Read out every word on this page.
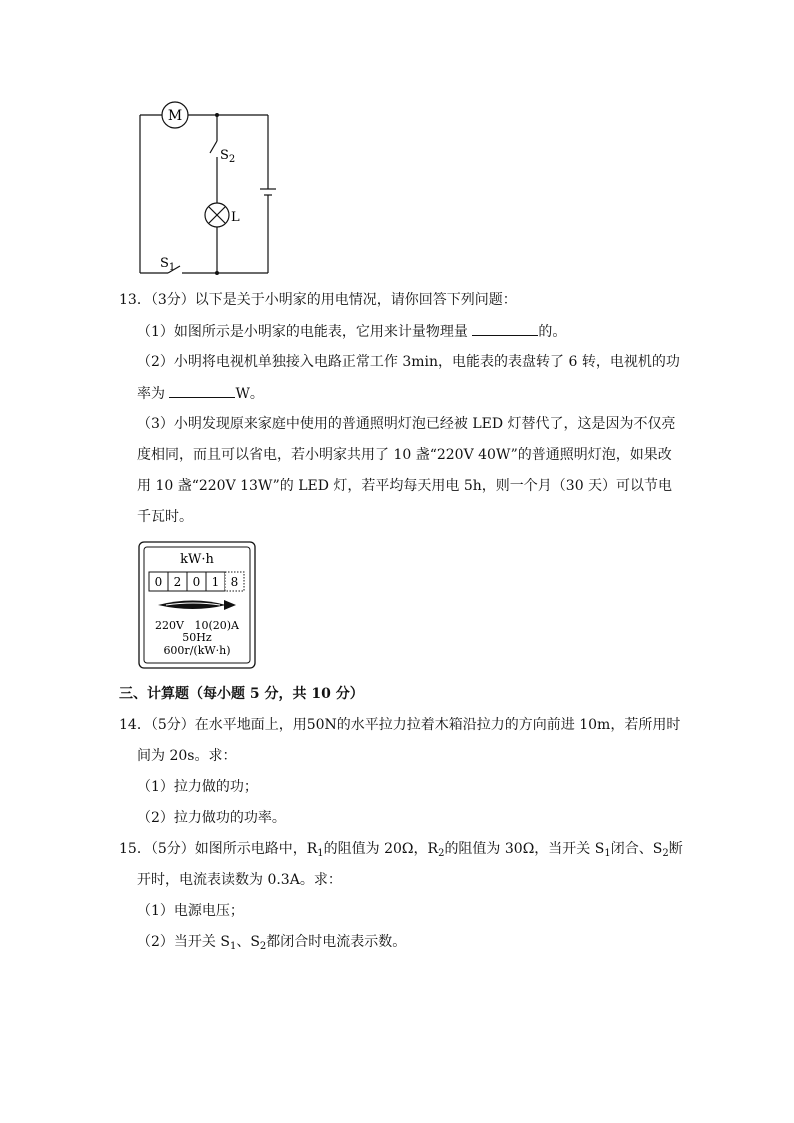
M
$S_2$
L
$S_1$
13．（3分）以下是关于小明家的用电情况，请你回答下列问题：
（1）如图所示是小明家的电能表，它用来计量物理量	的。
（2）小明将电视机单独接入电路正常工作 3min，电能表的表盘转了 6 转，电视机的功
率为	W。
（3）小明发现原来家庭中使用的普通照明灯泡已经被 LED 灯替代了，这是因为不仅亮
度相同，而且可以省电，若小明家共用了 10 盏“220V 40W”的普通照明灯泡，如果改
用 10 盏“220V 13W”的 LED 灯，若平均每天用电 5h，则一个月（30 天）可以节电
千瓦时。
kW·h
0 2 0 1 8
220V   10(20)A
50Hz
600r/(kW·h)
三、计算题（每小题 5 分，共 10 分）
14．（5分）在水平地面上，用50N的水平拉力拉着木箱沿拉力的方向前进 10m，若所用时
间为 20s。求：
（1）拉力做的功；
（2）拉力做功的功率。
15．（5分）如图所示电路中，$R_1$的阻值为 20Ω，$R_2$的阻值为 30Ω，当开关 $S_1$闭合、$S_2$断
开时，电流表读数为 0.3A。求：
（1）电源电压；
（2）当开关 $S_1$、$S_2$都闭合时电流表示数。
